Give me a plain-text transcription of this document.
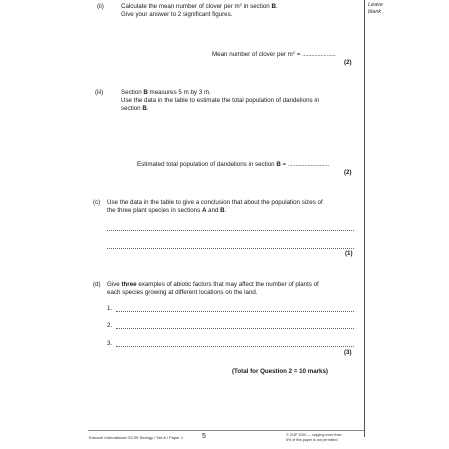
Leave
blank
(ii)	Calculate the mean number of clover per $m^2$ in section B.
Give your answer to 2 significant figures.
Mean number of clover per $m^2$ = ......................
(2)
(iii)	Section B measures 5 m by 3 m.
Use the data in the table to estimate the total population of dandelions in
section B.
Estimated total population of dandelions in section B = ...........................
(2)
(c) Use the data in the table to give a conclusion that about the population sizes of
the three plant species in sections A and B.
(1)
(d) Give three examples of abiotic factors that may affect the number of plants of
each species growing at different locations on the land.
1.
2.
3.
(3)
(Total for Question 2 = 10 marks)
Edexcel International GCSE Biology / Set A / Paper 1	5	© OUP 2020 — copying more than
5% of this paper is not permitted
